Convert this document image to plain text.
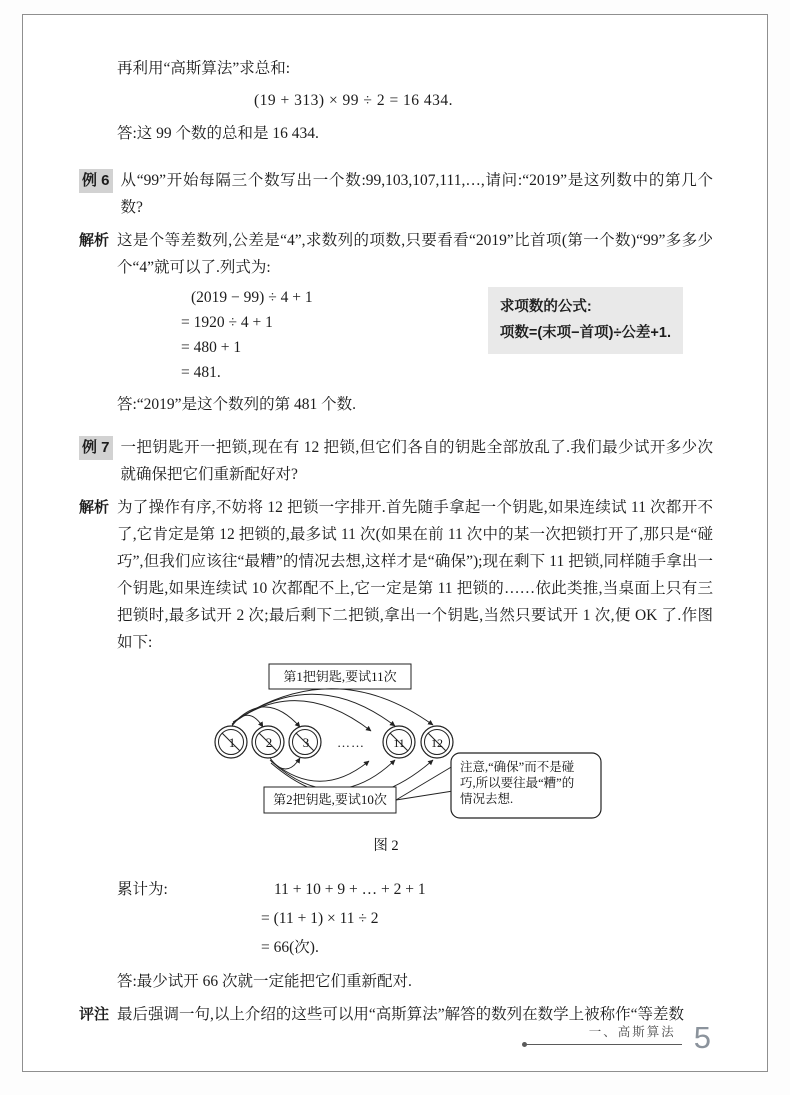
再利用“高斯算法”求总和:
(19 + 313) × 99 ÷ 2 = 16 434.
答:这 99 个数的总和是 16 434.
例 6 从“99”开始每隔三个数写出一个数:99,103,107,111,…,请问:“2019”是这列数中的第几个数?
解析 这是个等差数列,公差是“4”,求数列的项数,只要看看“2019”比首项(第一个数)“99”多多少个“4”就可以了.列式为:
(2019 − 99) ÷ 4 + 1
= 1920 ÷ 4 + 1
= 480 + 1
= 481.
求项数的公式:
项数=(末项−首项)÷公差+1.
答:“2019”是这个数列的第 481 个数.
例 7 一把钥匙开一把锁,现在有 12 把锁,但它们各自的钥匙全部放乱了.我们最少试开多少次就确保把它们重新配好对?
解析 为了操作有序,不妨将 12 把锁一字排开.首先随手拿起一个钥匙,如果连续试 11 次都开不了,它肯定是第 12 把锁的,最多试 11 次(如果在前 11 次中的某一次把锁打开了,那只是“碰巧”,但我们应该往“最糟”的情况去想,这样才是“确保”);现在剩下 11 把锁,同样随手拿出一个钥匙,如果连续试 10 次都配不上,它一定是第 11 把锁的……依此类推,当桌面上只有三把锁时,最多试开 2 次;最后剩下二把锁,拿出一个钥匙,当然只要试开 1 次,便 OK 了.作图如下:
第1把钥匙,要试11次
1 2 3 …… 11 12
第2把钥匙,要试10次
注意,“确保”而不是碰
巧,所以要往最“糟”的
情况去想.
图 2
累计为:	11 + 10 + 9 + … + 2 + 1
= (11 + 1) × 11 ÷ 2
= 66(次).
答:最少试开 66 次就一定能把它们重新配对.
评注 最后强调一句,以上介绍的这些可以用“高斯算法”解答的数列在数学上被称作“等差数
一、高斯算法 5
